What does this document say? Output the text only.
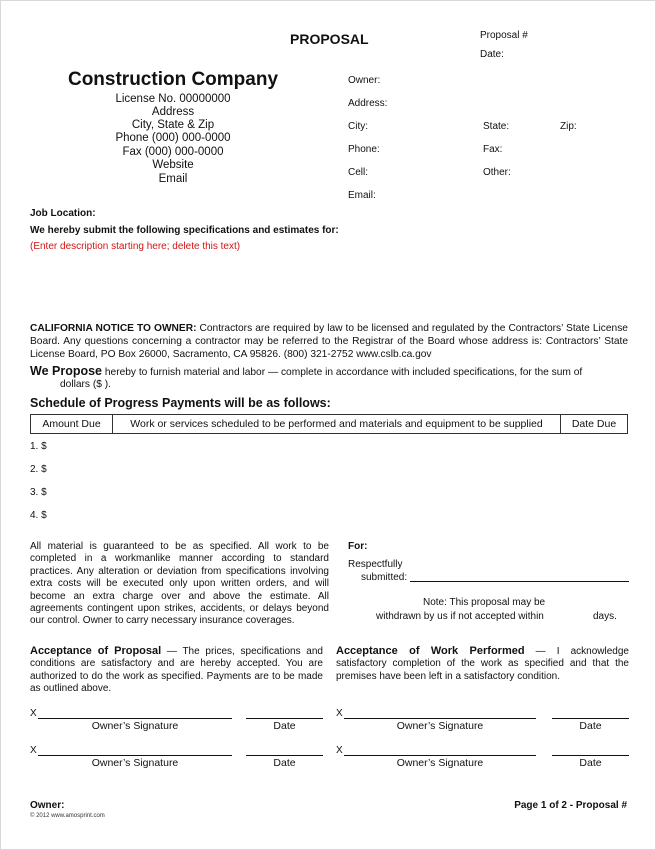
PROPOSAL	Proposal #
Date:
Construction Company
License No. 00000000
Address
City, State & Zip
Phone (000) 000-0000
Fax (000) 000-0000
Website
Email
Owner:
Address:
City:	State:	Zip:
Phone:	Fax:
Cell:	Other:
Email:
Job Location:
We hereby submit the following specifications and estimates for:
(Enter description starting here; delete this text)
CALIFORNIA NOTICE TO OWNER: Contractors are required by law to be licensed and regulated by the Contractors’ State License Board. Any questions concerning a contractor may be referred to the Registrar of the Board whose address is: Contractors’ State License Board, PO Box 26000, Sacramento, CA 95826. (800) 321-2752 www.cslb.ca.gov
We Propose hereby to furnish material and labor — complete in accordance with included specifications, for the sum of
dollars ($ ).
Schedule of Progress Payments will be as follows:
Amount Due	Work or services scheduled to be performed and materials and equipment to be supplied	Date Due
1. $
2. $
3. $
4. $
All material is guaranteed to be as specified. All work to be completed in a workmanlike manner according to standard practices. Any alteration or deviation from specifications involving extra costs will be executed only upon written orders, and will become an extra charge over and above the estimate. All agreements contingent upon strikes, accidents, or delays beyond our control. Owner to carry necessary insurance coverages.
For:
Respectfully
submitted:
Note: This proposal may be
withdrawn by us if not accepted within	days.
Acceptance of Proposal — The prices, specifications and conditions are satisfactory and are hereby accepted. You are authorized to do the work as specified. Payments are to be made as outlined above.
Acceptance of Work Performed — I acknowledge satisfactory completion of the work as specified and that the premises have been left in a satisfactory condition.
X
Owner’s Signature	Date
X
Owner’s Signature	Date
X
Owner’s Signature	Date
X
Owner’s Signature	Date
Owner:
© 2012 www.amosprint.com
Page 1 of 2 - Proposal #
